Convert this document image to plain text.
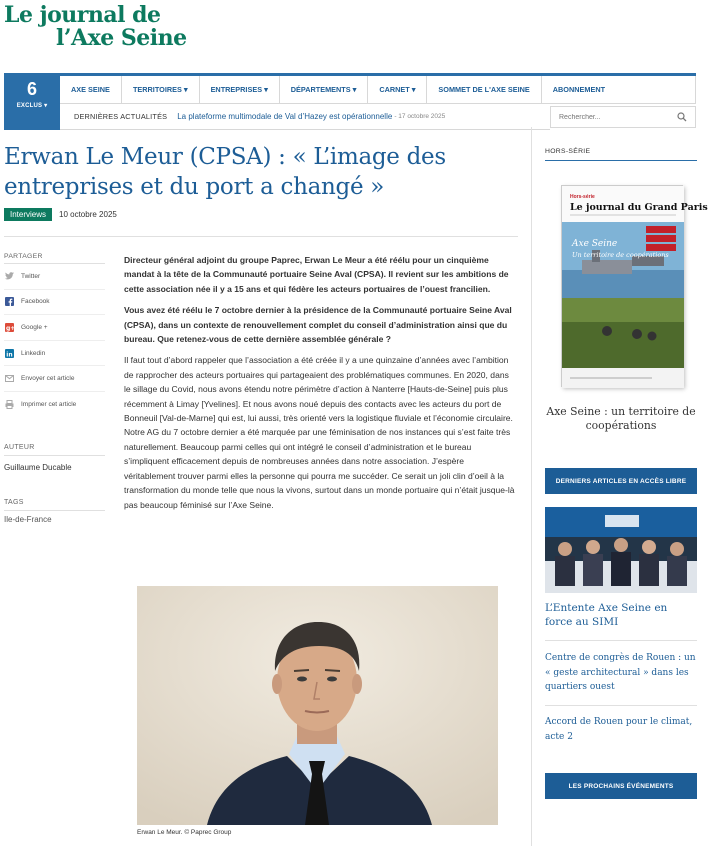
Le journal de
l’Axe Seine
6
EXCLUS ▾
AXE SEINE	TERRITOIRES ▾	ENTREPRISES ▾	DÉPARTEMENTS ▾	CARNET ▾	SOMMET DE L'AXE SEINE	ABONNEMENT
DERNIÈRES ACTUALITÉS La plateforme multimodale de Val d’Hazey est opérationnelle - 17 octobre 2025
Rechercher...
Erwan Le Meur (CPSA) : « L’image des entreprises et du port a changé »
Interviews	10 octobre 2025
PARTAGER
Twitter
Facebook
g+ Google +
in Linkedin
Envoyer cet article
Imprimer cet article
AUTEUR
Guillaume Ducable
TAGS
Ile-de-France

Directeur général adjoint du groupe Paprec, Erwan Le Meur a été réélu pour un cinquième mandat à la tête de la Communauté portuaire Seine Aval (CPSA). Il revient sur les ambitions de cette association née il y a 15 ans et qui fédère les acteurs portuaires de l’ouest francilien.

Vous avez été réélu le 7 octobre dernier à la présidence de la Communauté portuaire Seine Aval (CPSA), dans un contexte de renouvellement complet du conseil d’administration ainsi que du bureau. Que retenez-vous de cette dernière assemblée générale ?

Il faut tout d’abord rappeler que l’association a été créée il y a une quinzaine d’années avec l’ambition de rapprocher des acteurs portuaires qui partageaient des problématiques communes. En 2020, dans le sillage du Covid, nous avons étendu notre périmètre d’action à Nanterre [Hauts-de-Seine] puis plus récemment à Limay [Yvelines]. Et nous avons noué depuis des contacts avec les acteurs du port de Bonneuil [Val-de-Marne] qui est, lui aussi, très orienté vers la logistique fluviale et l’économie circulaire. Notre AG du 7 octobre dernier a été marquée par une féminisation de nos instances qui s’est faite très naturellement. Beaucoup parmi celles qui ont intégré le conseil d’administration et le bureau s’impliquent efficacement depuis de nombreuses années dans notre association. J’espère véritablement trouver parmi elles la personne qui pourra me succéder. Ce serait un joli clin d’oeil à la transformation du monde telle que nous la vivons, surtout dans un monde portuaire qui n’était jusque-là pas beaucoup féminisé sur l’Axe Seine.

Erwan Le Meur. © Paprec Group
HORS-SÉRIE
Hors-série
Le journal du Grand Paris
Axe Seine
Un territoire de coopérations
Axe Seine : un territoire de coopérations
DERNIERS ARTICLES EN ACCÈS LIBRE
L’Entente Axe Seine en force au SIMI
Centre de congrès de Rouen : un « geste architectural » dans les quartiers ouest
Accord de Rouen pour le climat, acte 2
LES PROCHAINS ÉVÉNEMENTS
